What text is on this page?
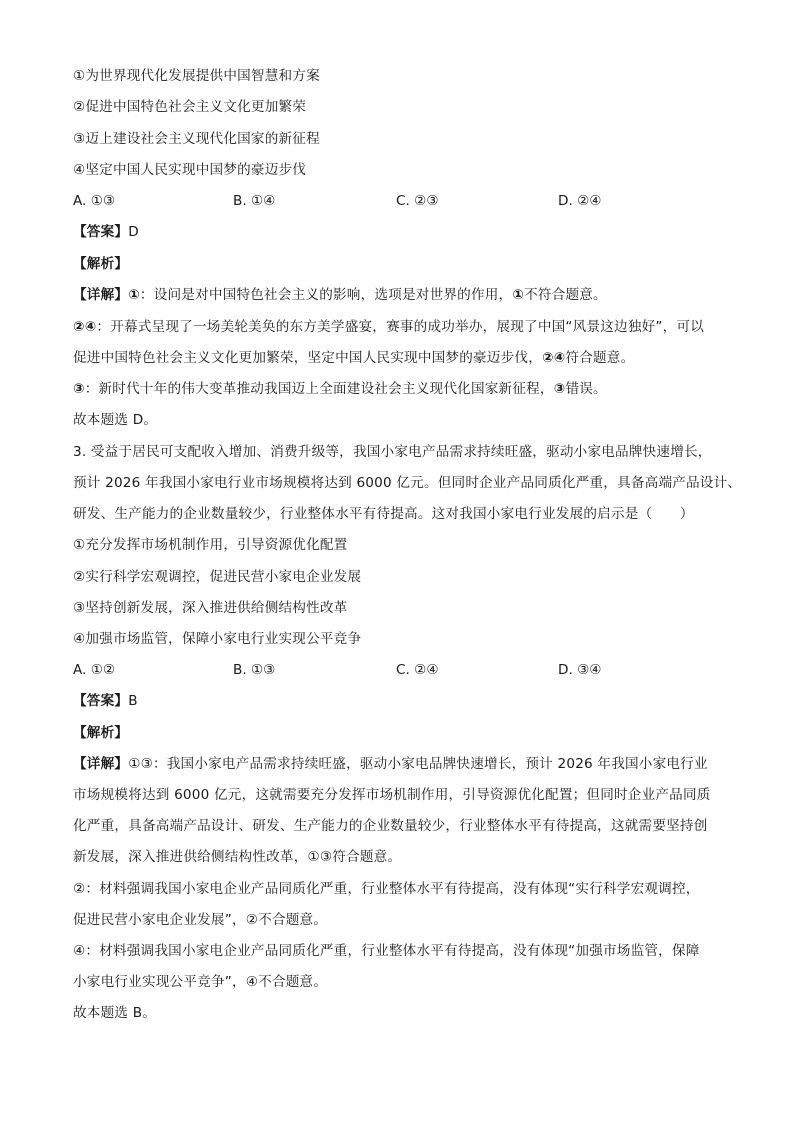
①为世界现代化发展提供中国智慧和方案
②促进中国特色社会主义文化更加繁荣
③迈上建设社会主义现代化国家的新征程
④坚定中国人民实现中国梦的豪迈步伐
A. ①③	B. ①④	C. ②③	D. ②④
【答案】D
【解析】
【详解】①：设问是对中国特色社会主义的影响，选项是对世界的作用，①不符合题意。
②④：开幕式呈现了一场美轮美奂的东方美学盛宴，赛事的成功举办，展现了中国“风景这边独好”，可以
促进中国特色社会主义文化更加繁荣，坚定中国人民实现中国梦的豪迈步伐，②④符合题意。
③：新时代十年的伟大变革推动我国迈上全面建设社会主义现代化国家新征程，③错误。
故本题选 D。
3. 受益于居民可支配收入增加、消费升级等，我国小家电产品需求持续旺盛，驱动小家电品牌快速增长，
预计 2026 年我国小家电行业市场规模将达到 6000 亿元。但同时企业产品同质化严重，具备高端产品设计、
研发、生产能力的企业数量较少，行业整体水平有待提高。这对我国小家电行业发展的启示是（　　）
①充分发挥市场机制作用，引导资源优化配置
②实行科学宏观调控，促进民营小家电企业发展
③坚持创新发展，深入推进供给侧结构性改革
④加强市场监管，保障小家电行业实现公平竞争
A. ①②	B. ①③	C. ②④	D. ③④
【答案】B
【解析】
【详解】①③：我国小家电产品需求持续旺盛，驱动小家电品牌快速增长，预计 2026 年我国小家电行业
市场规模将达到 6000 亿元，这就需要充分发挥市场机制作用，引导资源优化配置；但同时企业产品同质
化严重，具备高端产品设计、研发、生产能力的企业数量较少，行业整体水平有待提高，这就需要坚持创
新发展，深入推进供给侧结构性改革，①③符合题意。
②：材料强调我国小家电企业产品同质化严重，行业整体水平有待提高，没有体现“实行科学宏观调控，
促进民营小家电企业发展”，②不合题意。
④：材料强调我国小家电企业产品同质化严重，行业整体水平有待提高，没有体现“加强市场监管，保障
小家电行业实现公平竞争”，④不合题意。
故本题选 B。
